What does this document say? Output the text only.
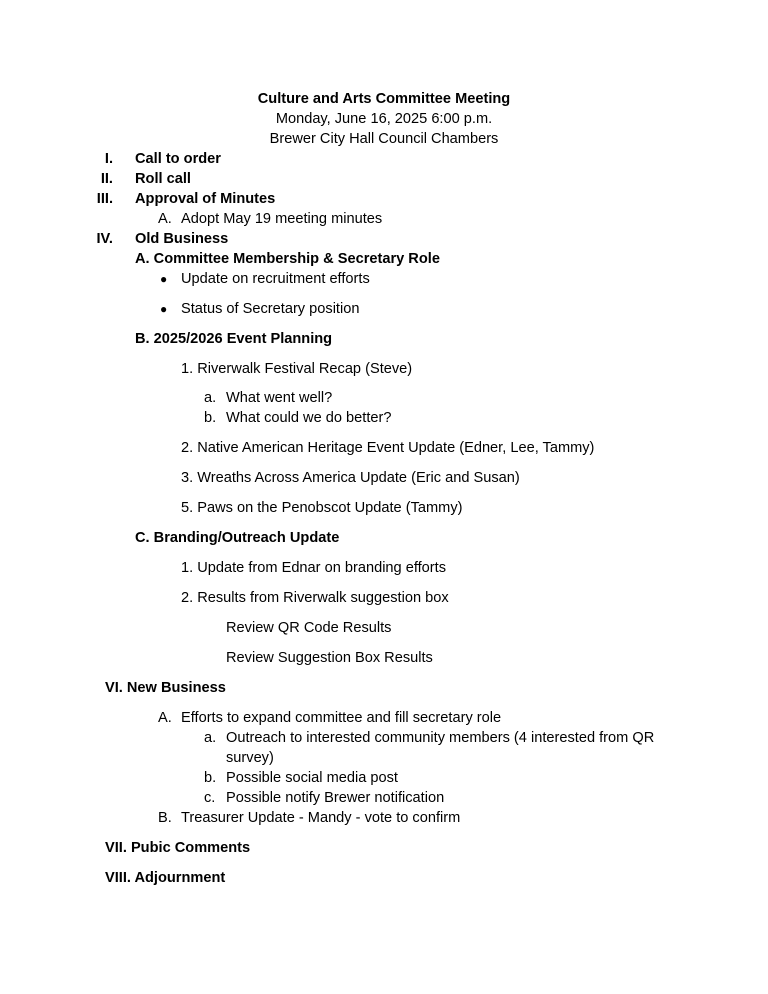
Culture and Arts Committee Meeting
Monday, June 16, 2025 6:00 p.m.
Brewer City Hall Council Chambers
I. Call to order
II. Roll call
III. Approval of Minutes
A. Adopt May 19 meeting minutes
IV. Old Business
A. Committee Membership & Secretary Role
● Update on recruitment efforts
● Status of Secretary position
B. 2025/2026 Event Planning
1. Riverwalk Festival Recap (Steve)
a. What went well?
b. What could we do better?
2. Native American Heritage Event Update (Edner, Lee, Tammy)
3. Wreaths Across America Update (Eric and Susan)
5. Paws on the Penobscot Update (Tammy)
C. Branding/Outreach Update
1. Update from Ednar on branding efforts
2. Results from Riverwalk suggestion box
Review QR Code Results
Review Suggestion Box Results
VI. New Business
A. Efforts to expand committee and fill secretary role
a. Outreach to interested community members (4 interested from QR
survey)
b. Possible social media post
c. Possible notify Brewer notification
B. Treasurer Update - Mandy - vote to confirm
VII. Pubic Comments
VIII. Adjournment
